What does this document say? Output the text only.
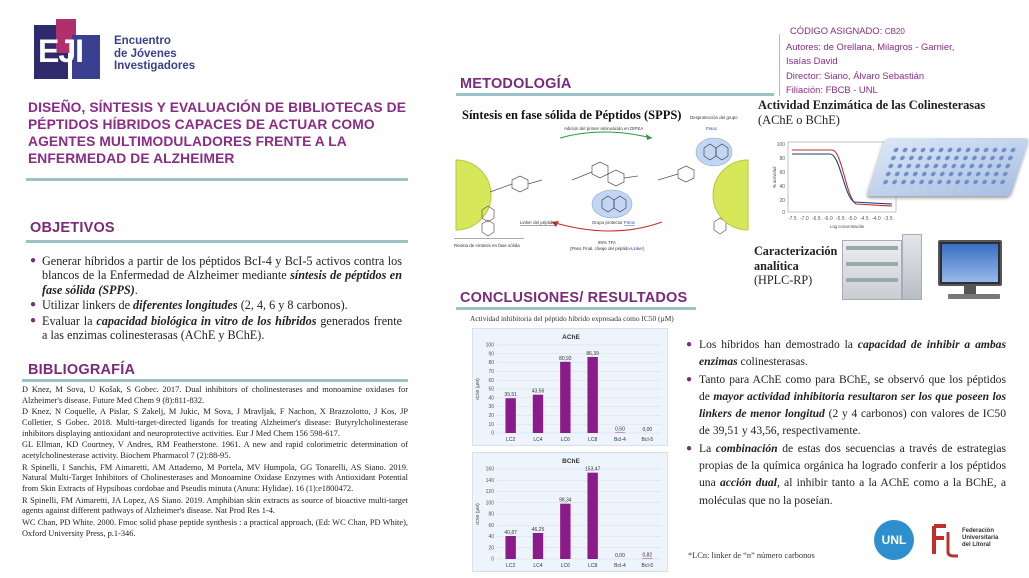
EJI	Encuentro
de Jóvenes
Investigadores
CÓDIGO ASIGNADO: CB20
Autores: de Orellana, Milagros - Garnier,
Isaías David
Director: Siano, Álvaro Sebastián
Filiación: FBCB - UNL
DISEÑO, SÍNTESIS Y EVALUACIÓN DE BIBLIOTECAS DE
PÉPTIDOS HÍBRIDOS CAPACES DE ACTUAR COMO
AGENTES MULTIMODULADORES FRENTE A LA
ENFERMEDAD DE ALZHEIMER
OBJETIVOS
● Generar híbridos a partir de los péptidos BcI-4 y BcI-5 activos contra los blancos de la Enfermedad de Alzheimer mediante síntesis de péptidos en fase sólida (SPPS).
● Utilizar linkers de diferentes longitudes (2, 4, 6 y 8 carbonos).
● Evaluar la capacidad biológica in vitro de los híbridos generados frente a las enzimas colinesterasas (AChE y BChE).
BIBLIOGRAFÍA

D Knez, M Sova, U Košak, S Gobec. 2017. Dual inhibitors of cholinesterases and monoamine oxidases for Alzheimer's disease. Future Med Chem 9 (8):811-832.

D Knez, N Coquelle, A Pislar, S Zakelj, M Jukic, M Sova, J Mravljak, F Nachon, X Brazzolotto, J Kos, JP Colletier, S Gobec. 2018. Multi-target-directed ligands for treating Alzheimer's disease: Butyrylcholinesterase inhibitors displaying antioxidant and neuroprotective activities. Eur J Med Chem 156 598-617.

GL Ellman, KD Courtney, V Andres, RM Featherstone. 1961. A new and rapid colorimetric determination of acetylcholinesterase activity. Biochem Pharmacol 7 (2):88-95.

R Spinelli, I Sanchis, FM Aimaretti, AM Attademo, M Portela, MV Humpola, GG Tonarelli, AS Siano. 2019. Natural Multi-Target Inhibitors of Cholinesterases and Monoamine Oxidase Enzymes with Antioxidant Potential from Skin Extracts of Hypsiboas cordobae and Pseudis minuta (Anura: Hylidae). 16 (1):e1800472.

R Spinelli, FM Aimaretti, JA Lopez, AS Siano. 2019. Amphibian skin extracts as source of bioactive multi-target agents against different pathways of Alzheimer's disease. Nat Prod Res 1-4.

WC Chan, PD White. 2000. Fmoc solid phase peptide synthesis : a practical approach, (Ed: WC Chan, PD White), Oxford University Press, p.1-346.

METODOLOGÍA
Síntesis en fase sólida de Péptidos (SPPS)
Resina de síntesis en fase sólida
Grupo protector Fmoc
Adición del primer aminoácido en DIPEA
Desprotección del grupo
Fmoc
Linker del péptido
95% TFA
(Paso Final, clivaje del péptido-Linker)
Actividad Enzimática de las Colinesterasas
(AChE o BChE)
100
80
60
40
20
0
% actividad
-7.5 -7.0 -6.5 -6.0 -5.5 -5.0 -4.5 -4.0 -3.5
Log concentración
Caracterización
analítica
(HPLC-RP)
CONCLUSIONES/ RESULTADOS
Actividad inhibitoria del péptido híbrido expresada como IC50 (µM)
AChE
IC50 (µM)
0
10
20
30
40
50
60
70
80
90
100
39,51
LC2
43,56
LC4
80,92
LC6
86,39
LC8
0,50
BcI-4
0,00
BcI-5
BChE
IC50 (µM)
0
20
40
60
80
100
120
140
160
40,87
LC2
46,25
LC4
98,34
LC6
153,47
LC8
0,00
BcI-4
0,82
BcI-5
● Los híbridos han demostrado la capacidad de inhibir a ambas enzimas colinesterasas.
● Tanto para AChE como para BChE, se observó que los péptidos de mayor actividad inhibitoria resultaron ser los que poseen los linkers de menor longitud (2 y 4 carbonos) con valores de IC50 de 39,51 y 43,56, respectivamente.
● La combinación de estas dos secuencias a través de estrategias propias de la química orgánica ha logrado conferir a los péptidos una acción dual, al inhibir tanto a la AChE como a la BChE, a moléculas que no la poseían.
*LCn: linker de “n” número carbonos
UNL
Federación
Universitaria
del Litoral
